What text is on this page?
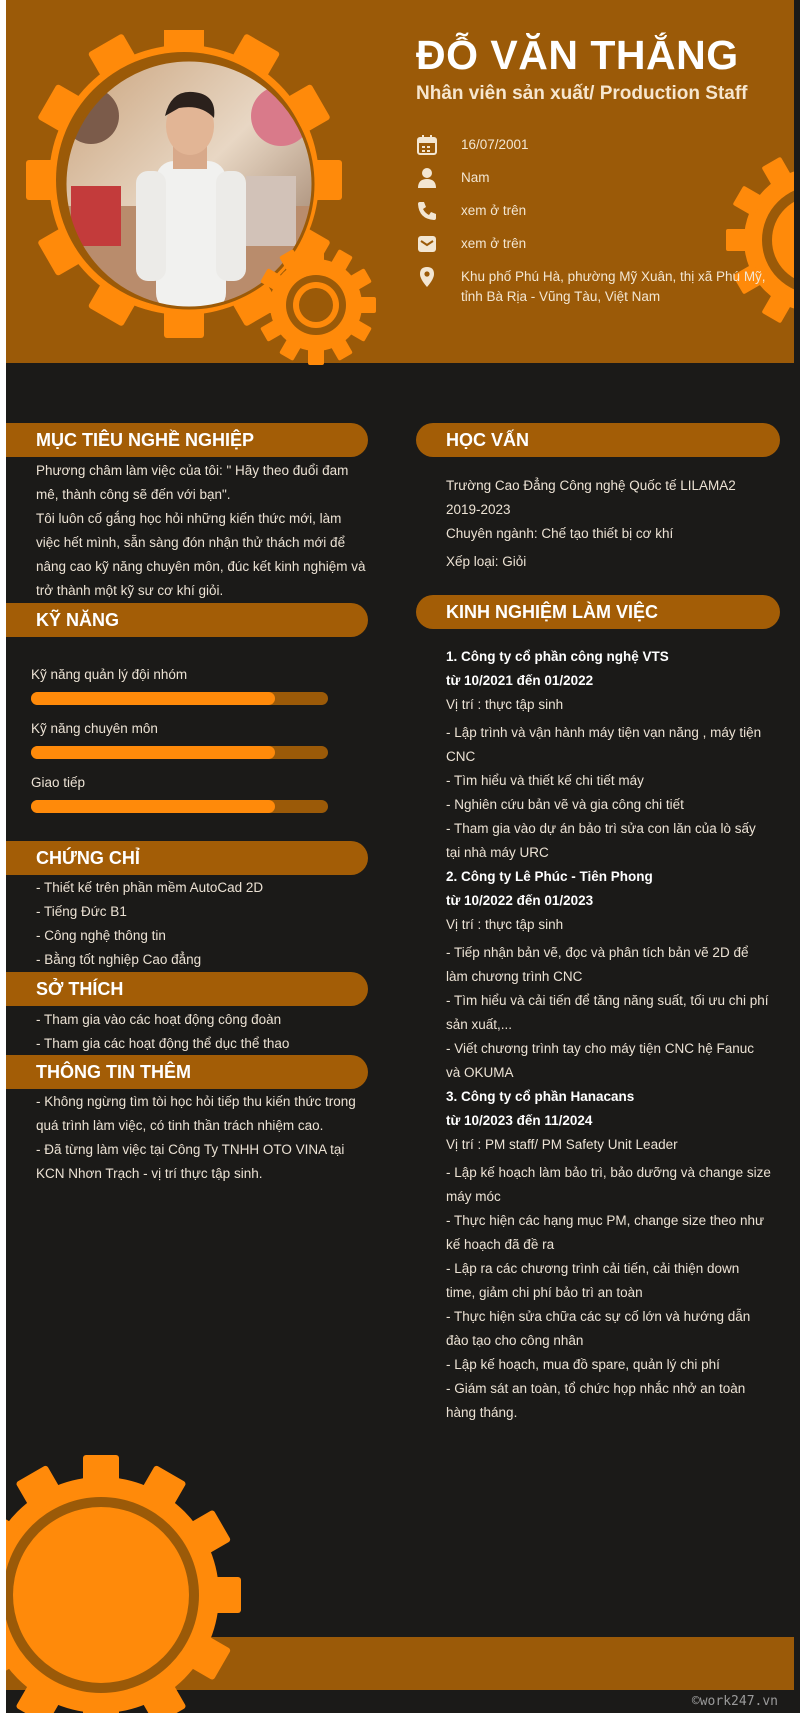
ĐỖ VĂN THẮNG
Nhân viên sản xuất/ Production Staff
16/07/2001
Nam
xem ở trên
xem ở trên
Khu phố Phú Hà, phường Mỹ Xuân, thị xã Phú Mỹ, tỉnh Bà Rịa - Vũng Tàu, Việt Nam
MỤC TIÊU NGHỀ NGHIỆP

Phương châm làm việc của tôi: " Hãy theo đuổi đam mê, thành công sẽ đến với bạn".

Tôi luôn cố gắng học hỏi những kiến thức mới, làm việc hết mình, sẵn sàng đón nhận thử thách mới để nâng cao kỹ năng chuyên môn, đúc kết kinh nghiệm và trở thành một kỹ sư cơ khí giỏi.

KỸ NĂNG
Kỹ năng quản lý đội nhóm
Kỹ năng chuyên môn
Giao tiếp
CHỨNG CHỈ

- Thiết kế trên phần mềm AutoCad 2D

- Tiếng Đức B1

- Công nghệ thông tin

- Bằng tốt nghiệp Cao đẳng

SỞ THÍCH

- Tham gia vào các hoạt động công đoàn

- Tham gia các hoạt động thể dục thể thao

THÔNG TIN THÊM

- Không ngừng tìm tòi học hỏi tiếp thu kiến thức trong quá trình làm việc, có tinh thần trách nhiệm cao.

- Đã từng làm việc tại Công Ty TNHH OTO VINA tại KCN Nhơn Trạch - vị trí thực tập sinh.

HỌC VẤN

Trường Cao Đẳng Công nghệ Quốc tế LILAMA2

2019-2023

Chuyên ngành: Chế tạo thiết bị cơ khí

Xếp loại: Giỏi

KINH NGHIỆM LÀM VIỆC

1. Công ty cổ phần công nghệ VTS

từ 10/2021 đến 01/2022

Vị trí : thực tập sinh

- Lập trình và vận hành máy tiện vạn năng , máy tiện CNC

- Tìm hiểu và thiết kế chi tiết máy

- Nghiên cứu bản vẽ và gia công chi tiết

- Tham gia vào dự án bảo trì sửa con lăn của lò sấy tại nhà máy URC

2. Công ty Lê Phúc - Tiên Phong

từ 10/2022 đến 01/2023

Vị trí : thực tập sinh

- Tiếp nhận bản vẽ, đọc và phân tích bản vẽ 2D để làm chương trình CNC

- Tìm hiểu và cải tiến để tăng năng suất, tối ưu chi phí sản xuất,...

- Viết chương trình tay cho máy tiện CNC hệ Fanuc và OKUMA

3. Công ty cổ phần Hanacans

từ 10/2023 đến 11/2024

Vị trí : PM staff/ PM Safety Unit Leader

- Lập kế hoạch làm bảo trì, bảo dưỡng và change size máy móc

- Thực hiện các hạng mục PM, change size theo như kế hoạch đã đề ra

- Lập ra các chương trình cải tiến, cải thiện down time, giảm chi phí bảo trì an toàn

- Thực hiện sửa chữa các sự cố lớn và hướng dẫn đào tạo cho công nhân

- Lập kế hoạch, mua đồ spare, quản lý chi phí

- Giám sát an toàn, tổ chức họp nhắc nhở an toàn hàng tháng.

©work247.vn
